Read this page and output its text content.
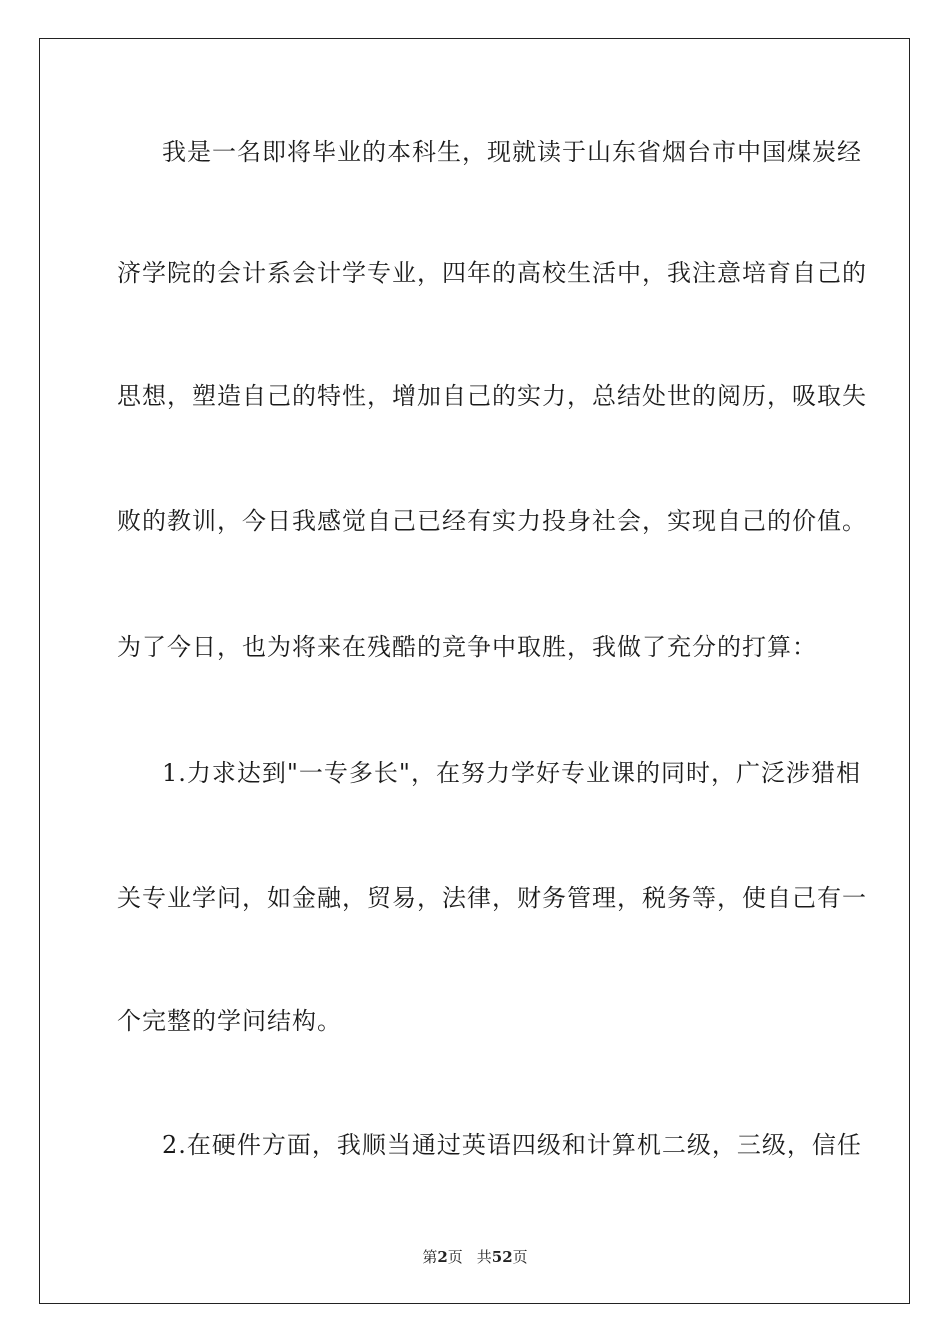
我是一名即将毕业的本科生，现就读于山东省烟台市中国煤炭经
济学院的会计系会计学专业，四年的高校生活中，我注意培育自己的
思想，塑造自己的特性，增加自己的实力，总结处世的阅历，吸取失
败的教训，今日我感觉自己已经有实力投身社会，实现自己的价值。
为了今日，也为将来在残酷的竞争中取胜，我做了充分的打算：
1.力求达到"一专多长"，在努力学好专业课的同时，广泛涉猎相
关专业学问，如金融，贸易，法律，财务管理，税务等，使自己有一
个完整的学问结构。
2.在硬件方面，我顺当通过英语四级和计算机二级，三级，信任
第2页 共52页
